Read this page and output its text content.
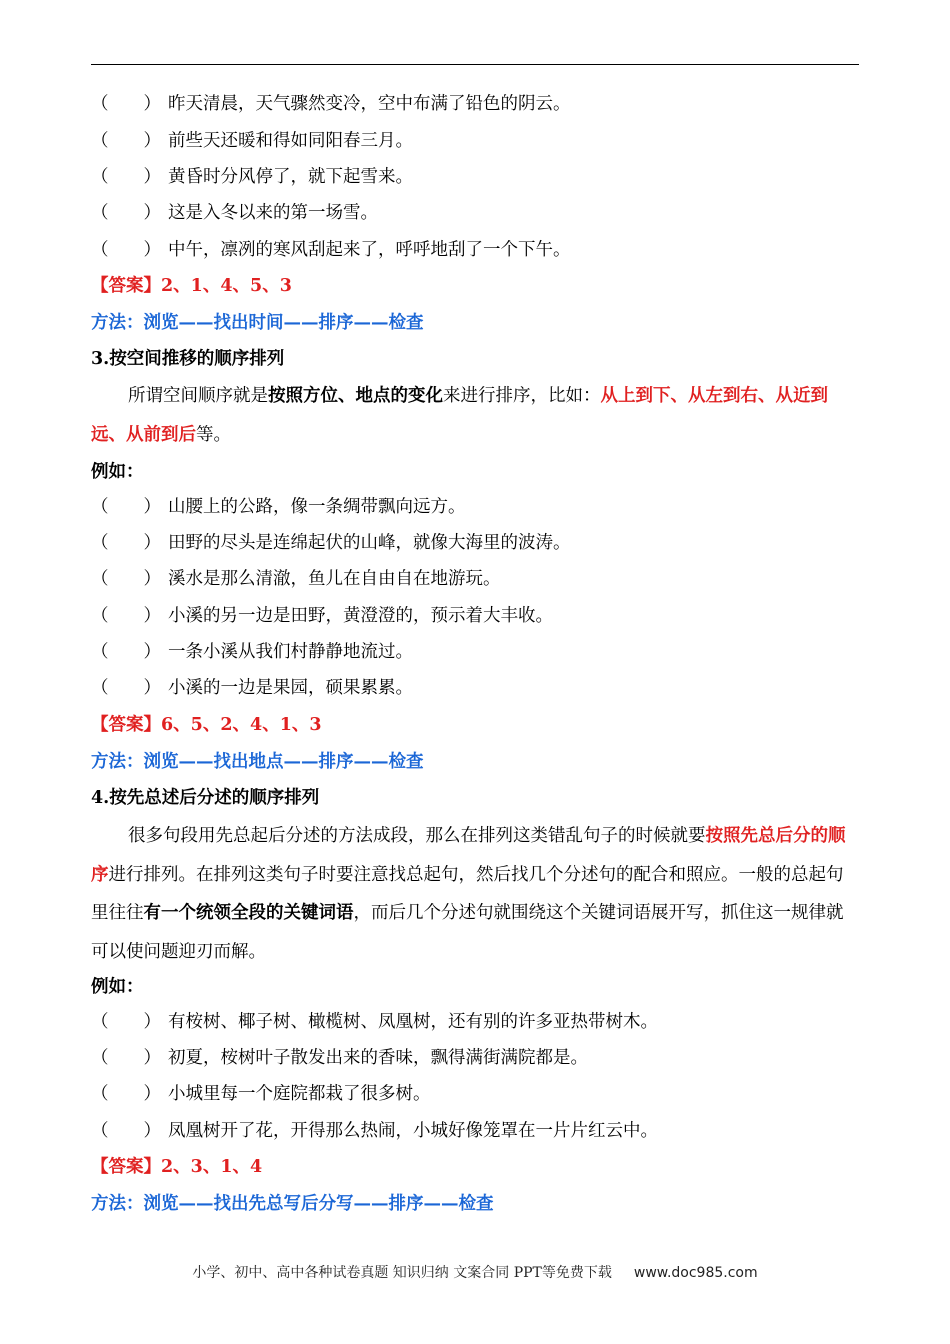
（　　） 昨天清晨，天气骤然变冷，空中布满了铅色的阴云。
（　　） 前些天还暖和得如同阳春三月。
（　　） 黄昏时分风停了，就下起雪来。
（　　） 这是入冬以来的第一场雪。
（　　） 中午，凛冽的寒风刮起来了，呼呼地刮了一个下午。
【答案】2、1、4、5、3
方法：浏览——找出时间——排序——检查
3.按空间推移的顺序排列
所谓空间顺序就是按照方位、地点的变化来进行排序，比如：从上到下、从左到右、从近到远、从前到后等。
例如：
（　　） 山腰上的公路，像一条绸带飘向远方。
（　　） 田野的尽头是连绵起伏的山峰，就像大海里的波涛。
（　　） 溪水是那么清澈，鱼儿在自由自在地游玩。
（　　） 小溪的另一边是田野，黄澄澄的，预示着大丰收。
（　　） 一条小溪从我们村静静地流过。
（　　） 小溪的一边是果园，硕果累累。
【答案】6、5、2、4、1、3
方法：浏览——找出地点——排序——检查
4.按先总述后分述的顺序排列
很多句段用先总起后分述的方法成段，那么在排列这类错乱句子的时候就要按照先总后分的顺序进行排列。在排列这类句子时要注意找总起句，然后找几个分述句的配合和照应。一般的总起句里往往有一个统领全段的关键词语，而后几个分述句就围绕这个关键词语展开写，抓住这一规律就可以使问题迎刃而解。
例如：
（　　） 有桉树、椰子树、橄榄树、凤凰树，还有别的许多亚热带树木。
（　　） 初夏，桉树叶子散发出来的香味，飘得满街满院都是。
（　　） 小城里每一个庭院都栽了很多树。
（　　） 凤凰树开了花，开得那么热闹，小城好像笼罩在一片片红云中。
【答案】2、3、1、4
方法：浏览——找出先总写后分写——排序——检查
小学、初中、高中各种试卷真题 知识归纳 文案合同 PPT等免费下载 www.doc985.com
